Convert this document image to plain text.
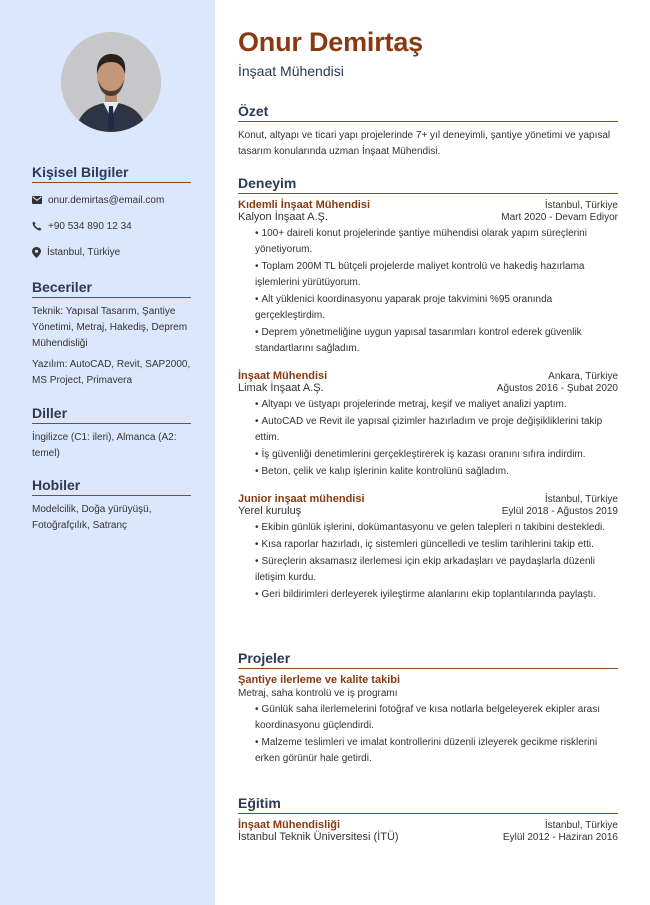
Kişisel Bilgiler
onur.demirtas@email.com
+90 534 890 12 34
İstanbul, Türkiye
Beceriler
Teknik: Yapısal Tasarım, Şantiye Yönetimi, Metraj, Hakediş, Deprem Mühendisliği
Yazılım: AutoCAD, Revit, SAP2000, MS Project, Primavera
Diller
İngilizce (C1: ileri), Almanca (A2: temel)
Hobiler
Modelcilik, Doğa yürüyüşü, Fotoğrafçılık, Satranç
Onur Demirtaş
İnşaat Mühendisi
Özet
Konut, altyapı ve ticari yapı projelerinde 7+ yıl deneyimli, şantiye yönetimi ve yapısal tasarım konularında uzman İnşaat Mühendisi.
Deneyim
Kıdemli İnşaat Mühendisi	İstanbul, Türkiye
Kalyon İnşaat A.Ş.	Mart 2020 - Devam Ediyor
• 100+ daireli konut projelerinde şantiye mühendisi olarak yapım süreçlerini yönetiyorum.
• Toplam 200M TL bütçeli projelerde maliyet kontrolü ve hakediş hazırlama işlemlerini yürütüyorum.
• Alt yüklenici koordinasyonu yaparak proje takvimini %95 oranında gerçekleştirdim.
• Deprem yönetmeliğine uygun yapısal tasarımları kontrol ederek güvenlik standartlarını sağladım.
İnşaat Mühendisi	Ankara, Türkiye
Limak İnşaat A.Ş.	Ağustos 2016 - Şubat 2020
• Altyapı ve üstyapı projelerinde metraj, keşif ve maliyet analizi yaptım.
• AutoCAD ve Revit ile yapısal çizimler hazırladım ve proje değişikliklerini takip ettim.
• İş güvenliği denetimlerini gerçekleştirerek iş kazası oranını sıfıra indirdim.
• Beton, çelik ve kalıp işlerinin kalite kontrolünü sağladım.
Junior inşaat mühendisi	İstanbul, Türkiye
Yerel kuruluş	Eylül 2018 - Ağustos 2019
• Ekibin günlük işlerini, dokümantasyonu ve gelen talepleri n takibini destekledi.
• Kısa raporlar hazırladı, iç sistemleri güncelledi ve teslim tarihlerini takip etti.
• Süreçlerin aksamasız ilerlemesi için ekip arkadaşları ve paydaşlarla düzenli iletişim kurdu.
• Geri bildirimleri derleyerek iyileştirme alanlarını ekip toplantılarında paylaştı.
Projeler
Şantiye ilerleme ve kalite takibi
Metraj, saha kontrolü ve iş programı
• Günlük saha ilerlemelerini fotoğraf ve kısa notlarla belgeleyerek ekipler arası koordinasyonu güçlendirdi.
• Malzeme teslimleri ve imalat kontrollerini düzenli izleyerek gecikme risklerini erken görünür hale getirdi.
Eğitim
İnşaat Mühendisliği	İstanbul, Türkiye
İstanbul Teknik Üniversitesi (İTÜ)	Eylül 2012 - Haziran 2016
